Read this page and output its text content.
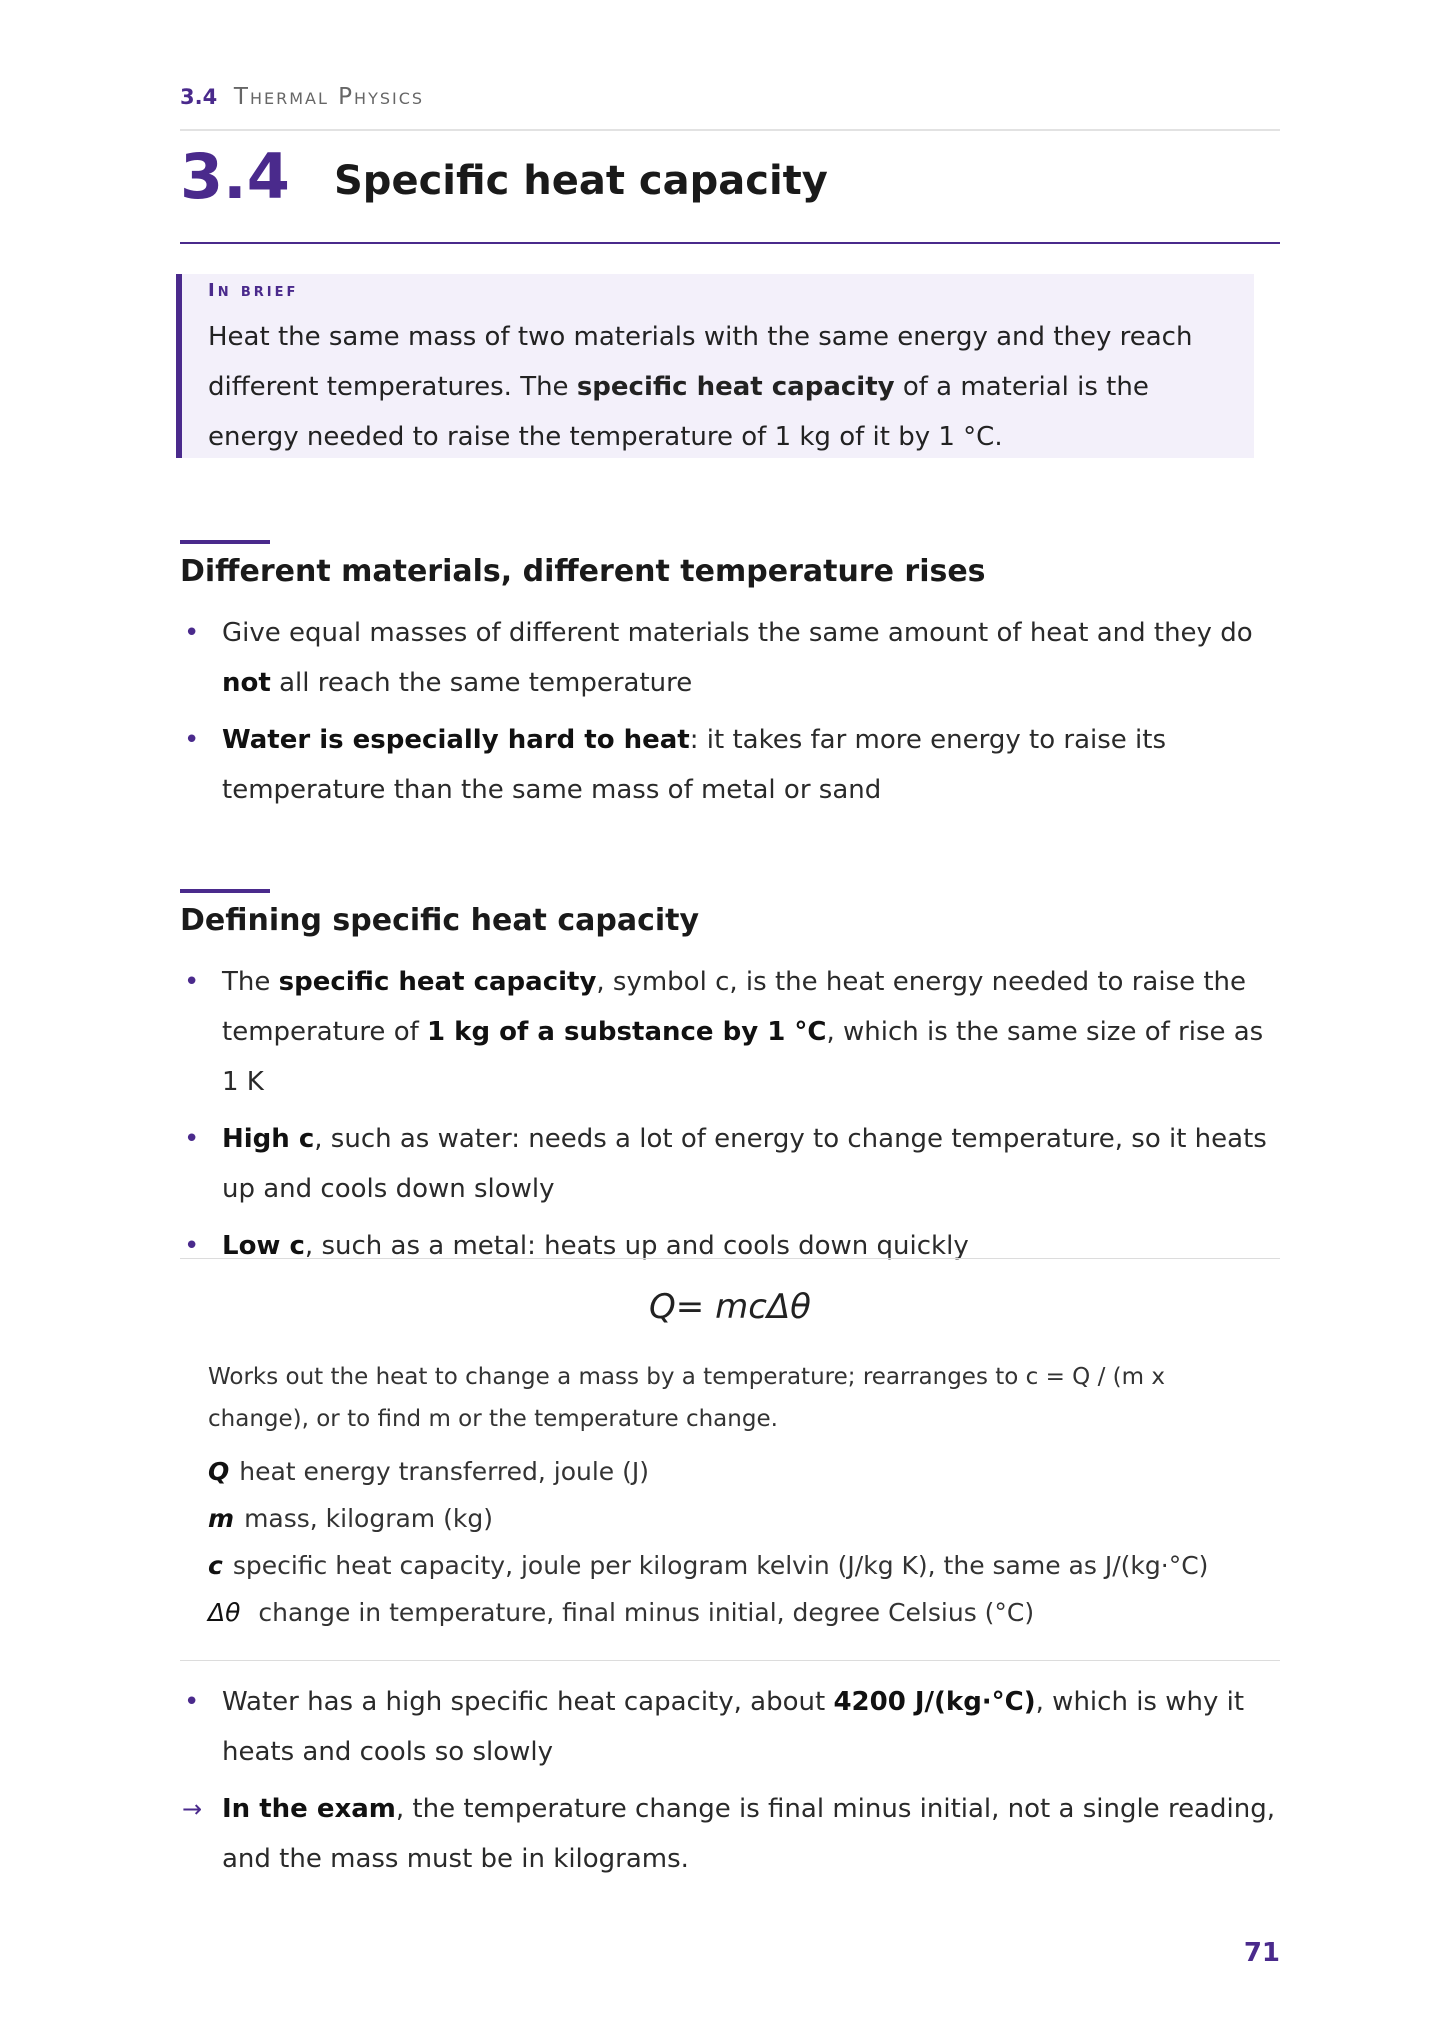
3.4 Thermal Physics
3.4 Specific heat capacity
In brief
Heat the same mass of two materials with the same energy and they reach different temperatures. The specific heat capacity of a material is the energy needed to raise the temperature of 1 kg of it by 1 °C.
Different materials, different temperature rises
• Give equal masses of different materials the same amount of heat and they do not all reach the same temperature
• Water is especially hard to heat: it takes far more energy to raise its temperature than the same mass of metal or sand
Defining specific heat capacity
• The specific heat capacity, symbol c, is the heat energy needed to raise the temperature of 1 kg of a substance by 1 °C, which is the same size of rise as 1 K
• High c, such as water: needs a lot of energy to change temperature, so it heats up and cools down slowly
• Low c, such as a metal: heats up and cools down quickly
Q= mcΔθ
Works out the heat to change a mass by a temperature; rearranges to c = Q / (m x change), or to find m or the temperature change.
Q heat energy transferred, joule (J)
m mass, kilogram (kg)
c specific heat capacity, joule per kilogram kelvin (J/kg K), the same as J/(kg·°C)
Δθ change in temperature, final minus initial, degree Celsius (°C)
• Water has a high specific heat capacity, about 4200 J/(kg·°C), which is why it heats and cools so slowly
→ In the exam, the temperature change is final minus initial, not a single reading, and the mass must be in kilograms.
71
